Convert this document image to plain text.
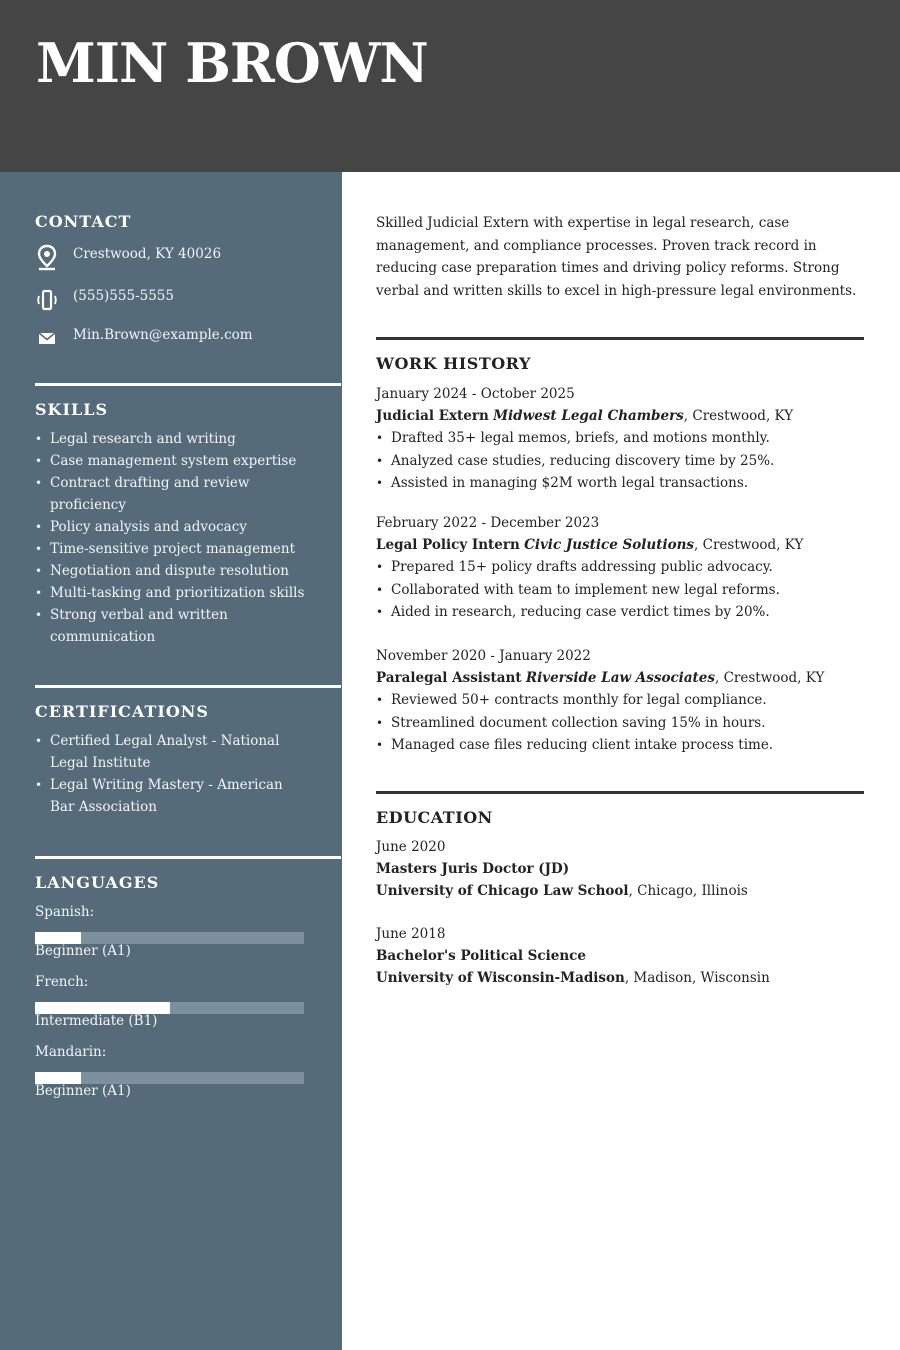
MIN BROWN
CONTACT
Crestwood, KY 40026
(555)555-5555
Min.Brown@example.com
SKILLS
• Legal research and writing
• Case management system expertise
• Contract drafting and review proficiency
• Policy analysis and advocacy
• Time-sensitive project management
• Negotiation and dispute resolution
• Multi-tasking and prioritization skills
• Strong verbal and written communication
CERTIFICATIONS
• Certified Legal Analyst - National Legal Institute
• Legal Writing Mastery - American Bar Association
LANGUAGES
Spanish:
Beginner (A1)
French:
Intermediate (B1)
Mandarin:
Beginner (A1)

Skilled Judicial Extern with expertise in legal research, case management, and compliance processes. Proven track record in reducing case preparation times and driving policy reforms. Strong verbal and written skills to excel in high-pressure legal environments.

WORK HISTORY
January 2024 - October 2025
Judicial Extern Midwest Legal Chambers, Crestwood, KY
• Drafted 35+ legal memos, briefs, and motions monthly.
• Analyzed case studies, reducing discovery time by 25%.
• Assisted in managing $2M worth legal transactions.
February 2022 - December 2023
Legal Policy Intern Civic Justice Solutions, Crestwood, KY
• Prepared 15+ policy drafts addressing public advocacy.
• Collaborated with team to implement new legal reforms.
• Aided in research, reducing case verdict times by 20%.
November 2020 - January 2022
Paralegal Assistant Riverside Law Associates, Crestwood, KY
• Reviewed 50+ contracts monthly for legal compliance.
• Streamlined document collection saving 15% in hours.
• Managed case files reducing client intake process time.
EDUCATION
June 2020
Masters Juris Doctor (JD)
University of Chicago Law School, Chicago, Illinois
June 2018
Bachelor's Political Science
University of Wisconsin-Madison, Madison, Wisconsin
